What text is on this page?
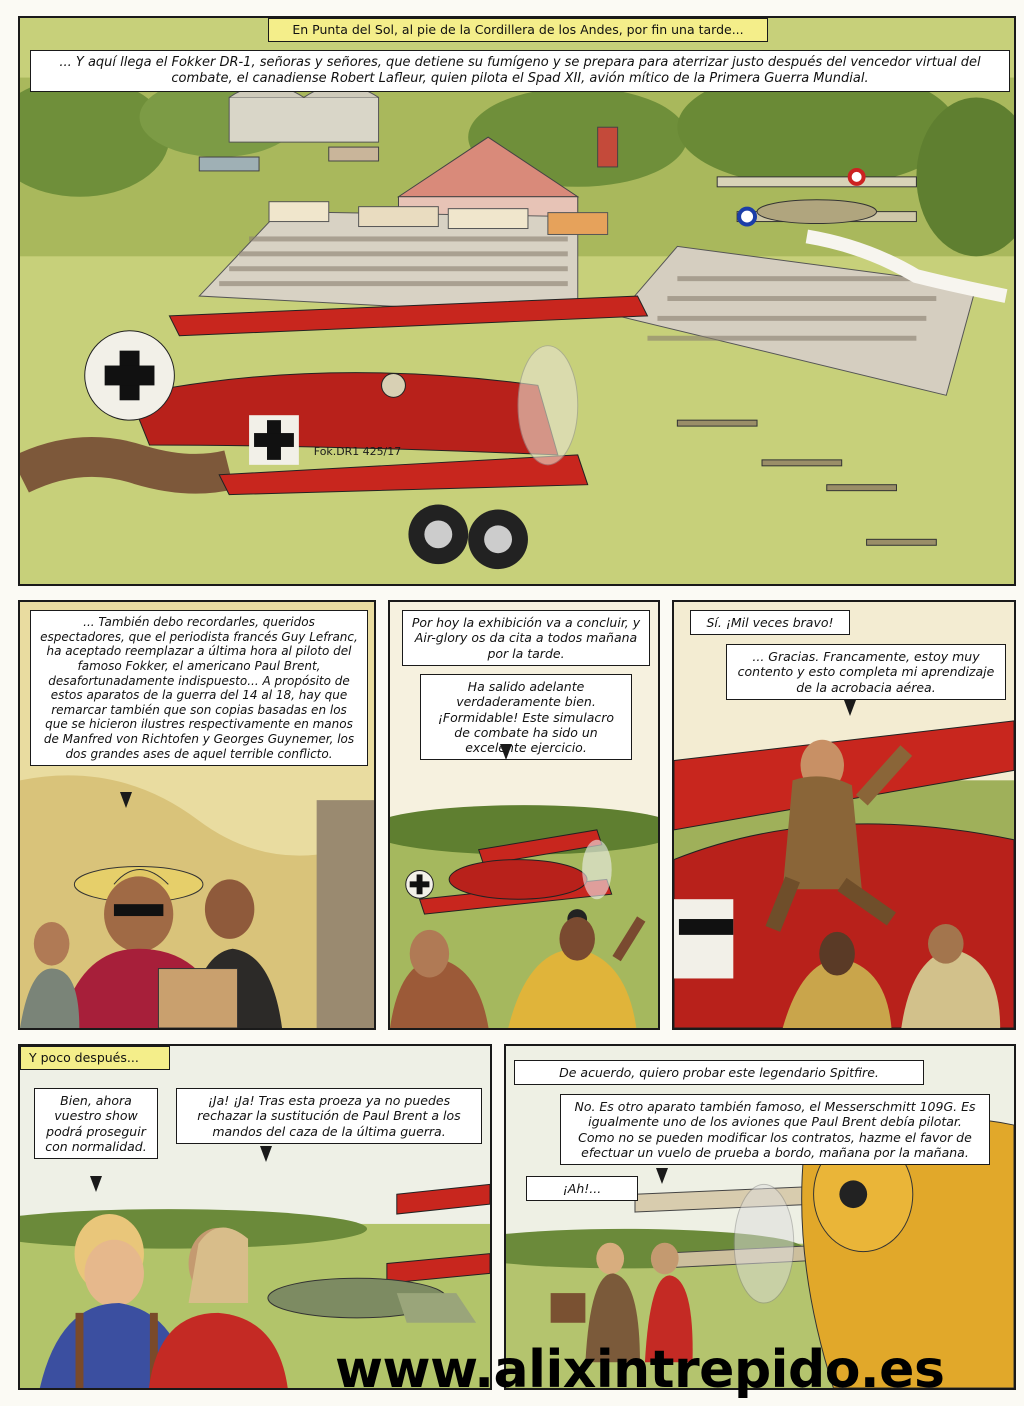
Fok.DR1 425/17
En Punta del Sol, al pie de la Cordillera de los Andes, por fin una tarde...
... Y aquí llega el Fokker DR-1, señoras y señores, que detiene su fumígeno y se prepara para aterrizar justo después del vencedor virtual del combate, el canadiense Robert Lafleur, quien pilota el Spad XII, avión mítico de la Primera Guerra Mundial.
... También debo recordarles, queridos espectadores, que el periodista francés Guy Lefranc, ha aceptado reemplazar a última hora al piloto del famoso Fokker, el americano Paul Brent, desafortunadamente indispuesto... A propósito de estos aparatos de la guerra del 14 al 18, hay que remarcar también que son copias basadas en los que se hicieron ilustres respectivamente en manos de Manfred von Richtofen y Georges Guynemer, los dos grandes ases de aquel terrible conflicto.
Por hoy la exhibición va a concluir, y Air-glory os da cita a todos mañana por la tarde.
Ha salido adelante verdaderamente bien. ¡Formidable! Este simulacro de combate ha sido un excelente ejercicio.
Sí. ¡Mil veces bravo!
... Gracias. Francamente, estoy muy contento y esto completa mi aprendizaje de la acrobacia aérea.
Y poco después...
Bien, ahora vuestro show podrá proseguir con normalidad.
¡Ja! ¡Ja! Tras esta proeza ya no puedes rechazar la sustitución de Paul Brent a los mandos del caza de la última guerra.
De acuerdo, quiero probar este legendario Spitfire.
No. Es otro aparato también famoso, el Messerschmitt 109G. Es igualmente uno de los aviones que Paul Brent debía pilotar. Como no se pueden modificar los contratos, hazme el favor de efectuar un vuelo de prueba a bordo, mañana por la mañana.
¡Ah!...
www.alixintrepido.es
